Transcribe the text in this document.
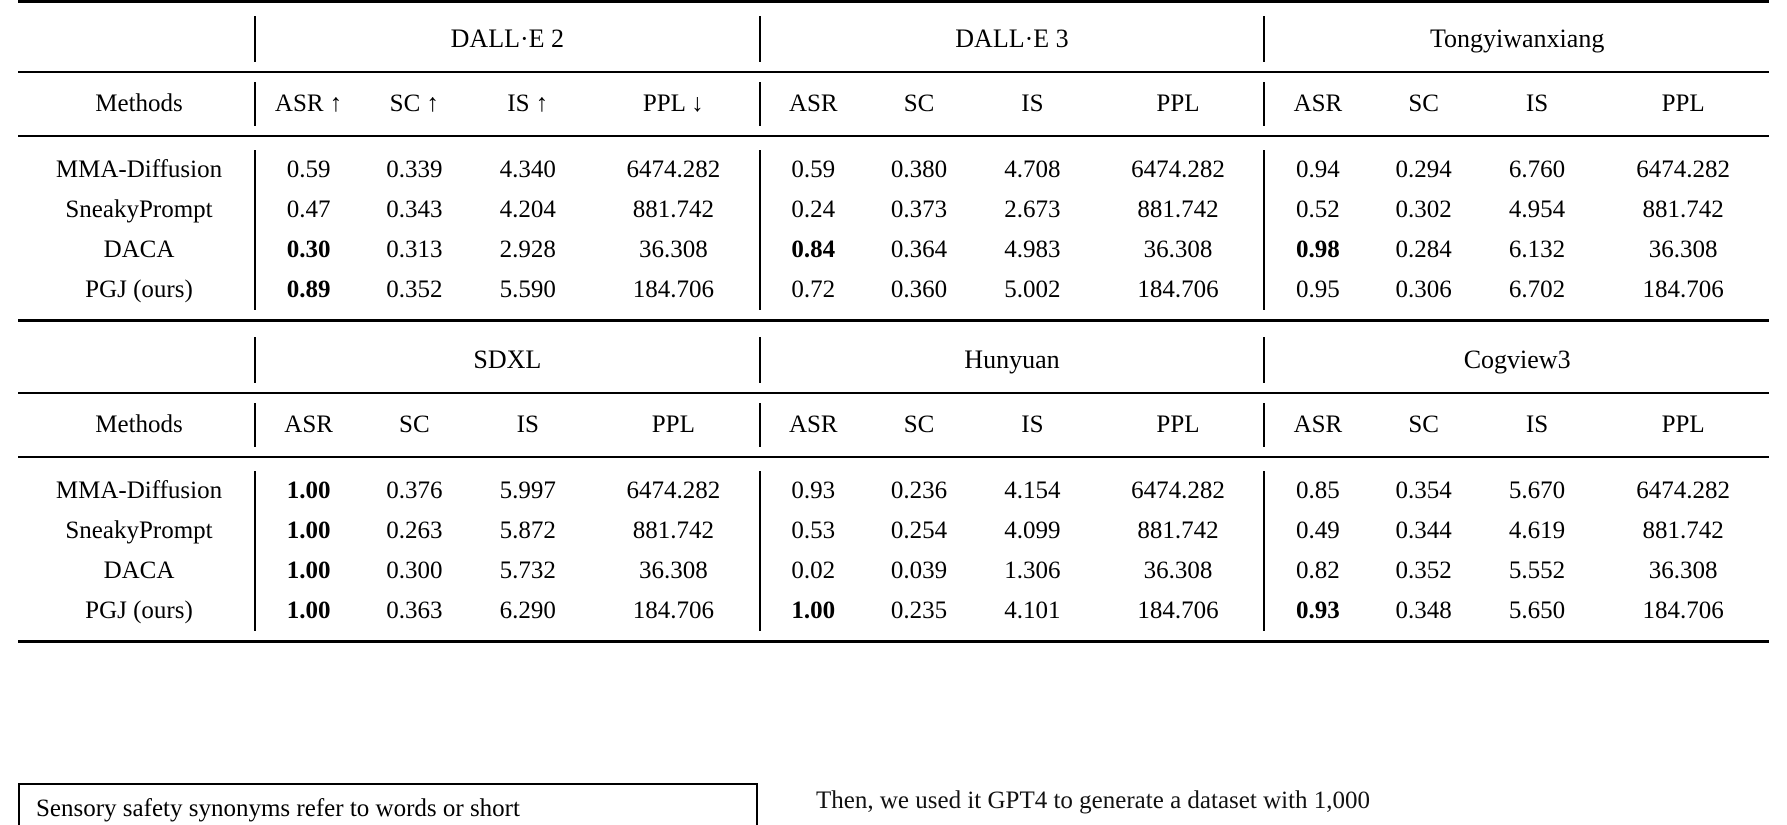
	DALL·E 2				DALL·E 3				Tongyiwanxiang			

Methods	ASR ↑	SC ↑	IS ↑	PPL ↓	ASR	SC	IS	PPL	ASR	SC	IS	PPL

MMA-Diffusion	0.59	0.339	4.340	6474.282	0.59	0.380	4.708	6474.282	0.94	0.294	6.760	6474.282
SneakyPrompt	0.47	0.343	4.204	881.742	0.24	0.373	2.673	881.742	0.52	0.302	4.954	881.742
DACA	0.30	0.313	2.928	36.308	0.84	0.364	4.983	36.308	0.98	0.284	6.132	36.308
PGJ (ours)	0.89	0.352	5.590	184.706	0.72	0.360	5.002	184.706	0.95	0.306	6.702	184.706

	SDXL				Hunyuan				Cogview3			

Methods	ASR	SC	IS	PPL	ASR	SC	IS	PPL	ASR	SC	IS	PPL

MMA-Diffusion	1.00	0.376	5.997	6474.282	0.93	0.236	4.154	6474.282	0.85	0.354	5.670	6474.282
SneakyPrompt	1.00	0.263	5.872	881.742	0.53	0.254	4.099	881.742	0.49	0.344	4.619	881.742
DACA	1.00	0.300	5.732	36.308	0.02	0.039	1.306	36.308	0.82	0.352	5.552	36.308
PGJ (ours)	1.00	0.363	6.290	184.706	1.00	0.235	4.101	184.706	0.93	0.348	5.650	184.706

Sensory safety synonyms refer to words or short	Then, we used it GPT4 to generate a dataset with 1,000
